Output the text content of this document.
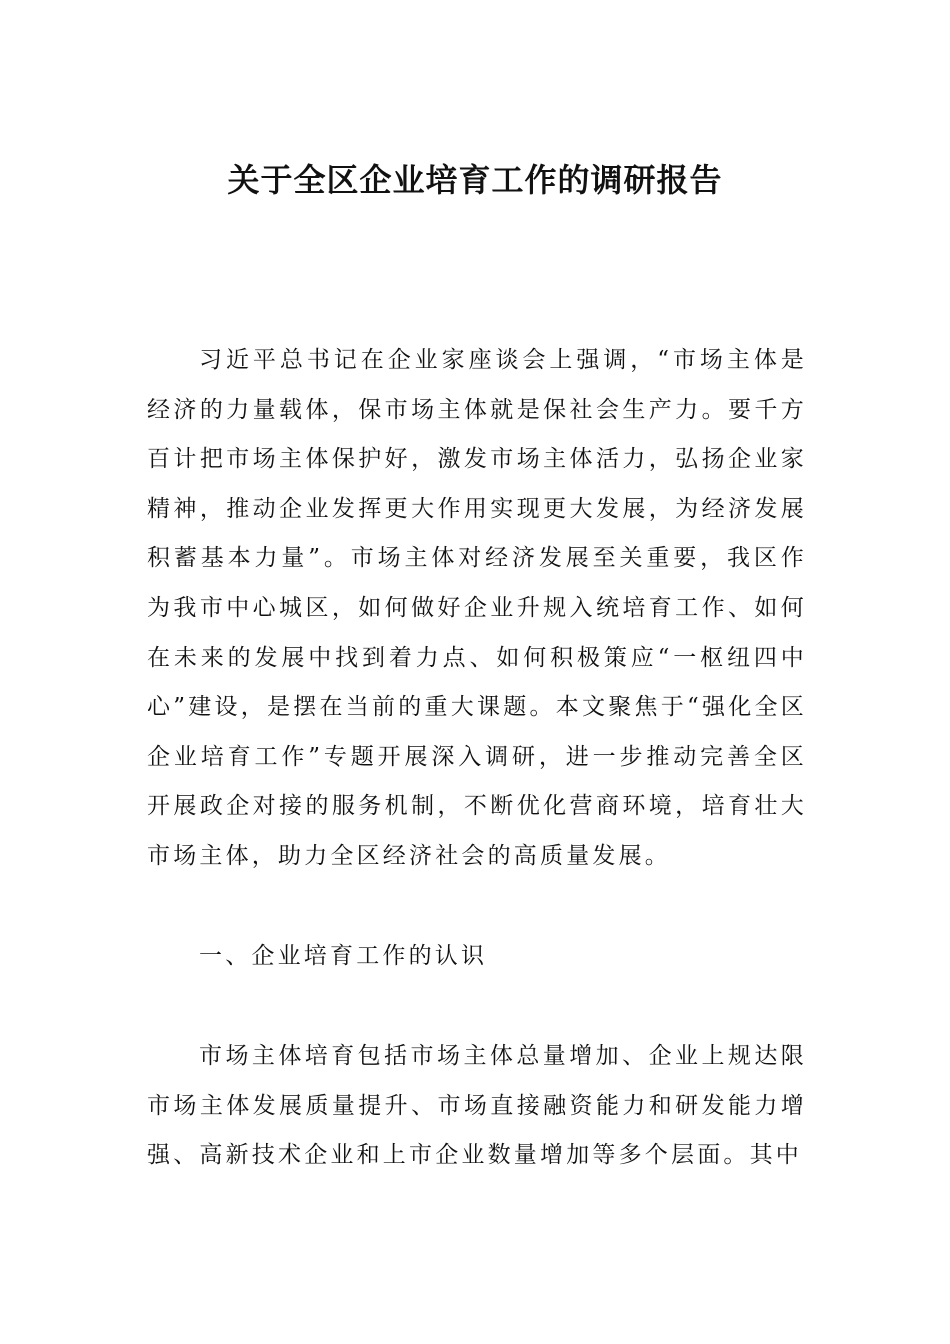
关于全区企业培育工作的调研报告

习近平总书记在企业家座谈会上强调，“市场主体是经济的力量载体，保市场主体就是保社会生产力。要千方百计把市场主体保护好，激发市场主体活力，弘扬企业家精神，推动企业发挥更大作用实现更大发展，为经济发展积蓄基本力量”。市场主体对经济发展至关重要，我区作为我市中心城区，如何做好企业升规入统培育工作、如何在未来的发展中找到着力点、如何积极策应“一枢纽四中心”建设，是摆在当前的重大课题。本文聚焦于“强化全区企业培育工作”专题开展深入调研，进一步推动完善全区开展政企对接的服务机制，不断优化营商环境，培育壮大市场主体，助力全区经济社会的高质量发展。

一、企业培育工作的认识

市场主体培育包括市场主体总量增加、企业上规达限市场主体发展质量提升、市场直接融资能力和研发能力增强、高新技术企业和上市企业数量增加等多个层面。其中
